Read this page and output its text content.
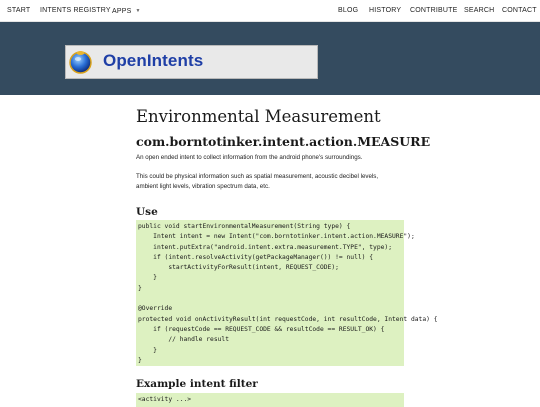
START INTENTS REGISTRY APPS ▼	BLOG HISTORY CONTRIBUTE SEARCH CONTACT
OpenIntents
Environmental Measurement
com.borntotinker.intent.action.MEASURE

An open ended intent to collect information from the android phone's surroundings.

This could be physical information such as spatial measurement, acoustic decibel levels, ambient light levels, vibration spectrum data, etc.

Use
public void startEnvironmentalMeasurement(String type) {
Intent intent = new Intent("com.borntotinker.intent.action.MEASURE");
intent.putExtra("android.intent.extra.measurement.TYPE", type);
if (intent.resolveActivity(getPackageManager()) != null) {
startActivityForResult(intent, REQUEST_CODE);
}
}
@Override
protected void onActivityResult(int requestCode, int resultCode, Intent data) {
if (requestCode == REQUEST_CODE && resultCode == RESULT_OK) {
// handle result
}
}
Example intent filter
<activity ...>
